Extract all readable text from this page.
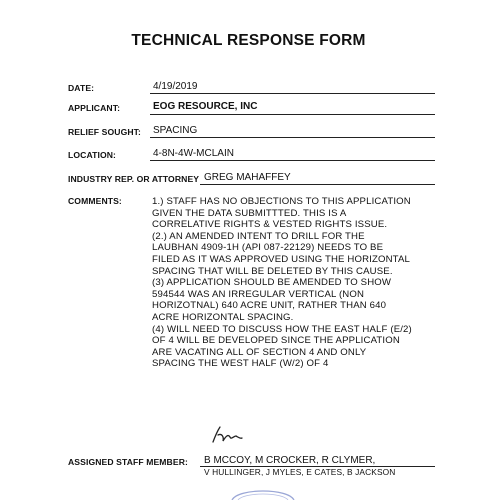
TECHNICAL RESPONSE FORM
DATE:	4/19/2019
APPLICANT:	EOG RESOURCE, INC
RELIEF SOUGHT: SPACING
LOCATION:	4-8N-4W-MCLAIN
INDUSTRY REP. OR ATTORNEY GREG MAHAFFEY
COMMENTS:	1.) STAFF HAS NO OBJECTIONS TO THIS APPLICATION
GIVEN THE DATA SUBMITTTED. THIS IS A
CORRELATIVE RIGHTS & VESTED RIGHTS ISSUE.
(2.) AN AMENDED INTENT TO DRILL FOR THE
LAUBHAN 4909-1H (API 087-22129) NEEDS TO BE
FILED AS IT WAS APPROVED USING THE HORIZONTAL
SPACING THAT WILL BE DELETED BY THIS CAUSE.
(3) APPLICATION SHOULD BE AMENDED TO SHOW
594544 WAS AN IRREGULAR VERTICAL (NON
HORIZOTNAL) 640 ACRE UNIT, RATHER THAN 640
ACRE HORIZONTAL SPACING.
(4) WILL NEED TO DISCUSS HOW THE EAST HALF (E/2)
OF 4 WILL BE DEVELOPED SINCE THE APPLICATION
ARE VACATING ALL OF SECTION 4 AND ONLY
SPACING THE WEST HALF (W/2) OF 4
ASSIGNED STAFF MEMBER: B MCCOY, M CROCKER, R CLYMER,
V HULLINGER, J MYLES, E CATES, B JACKSON
